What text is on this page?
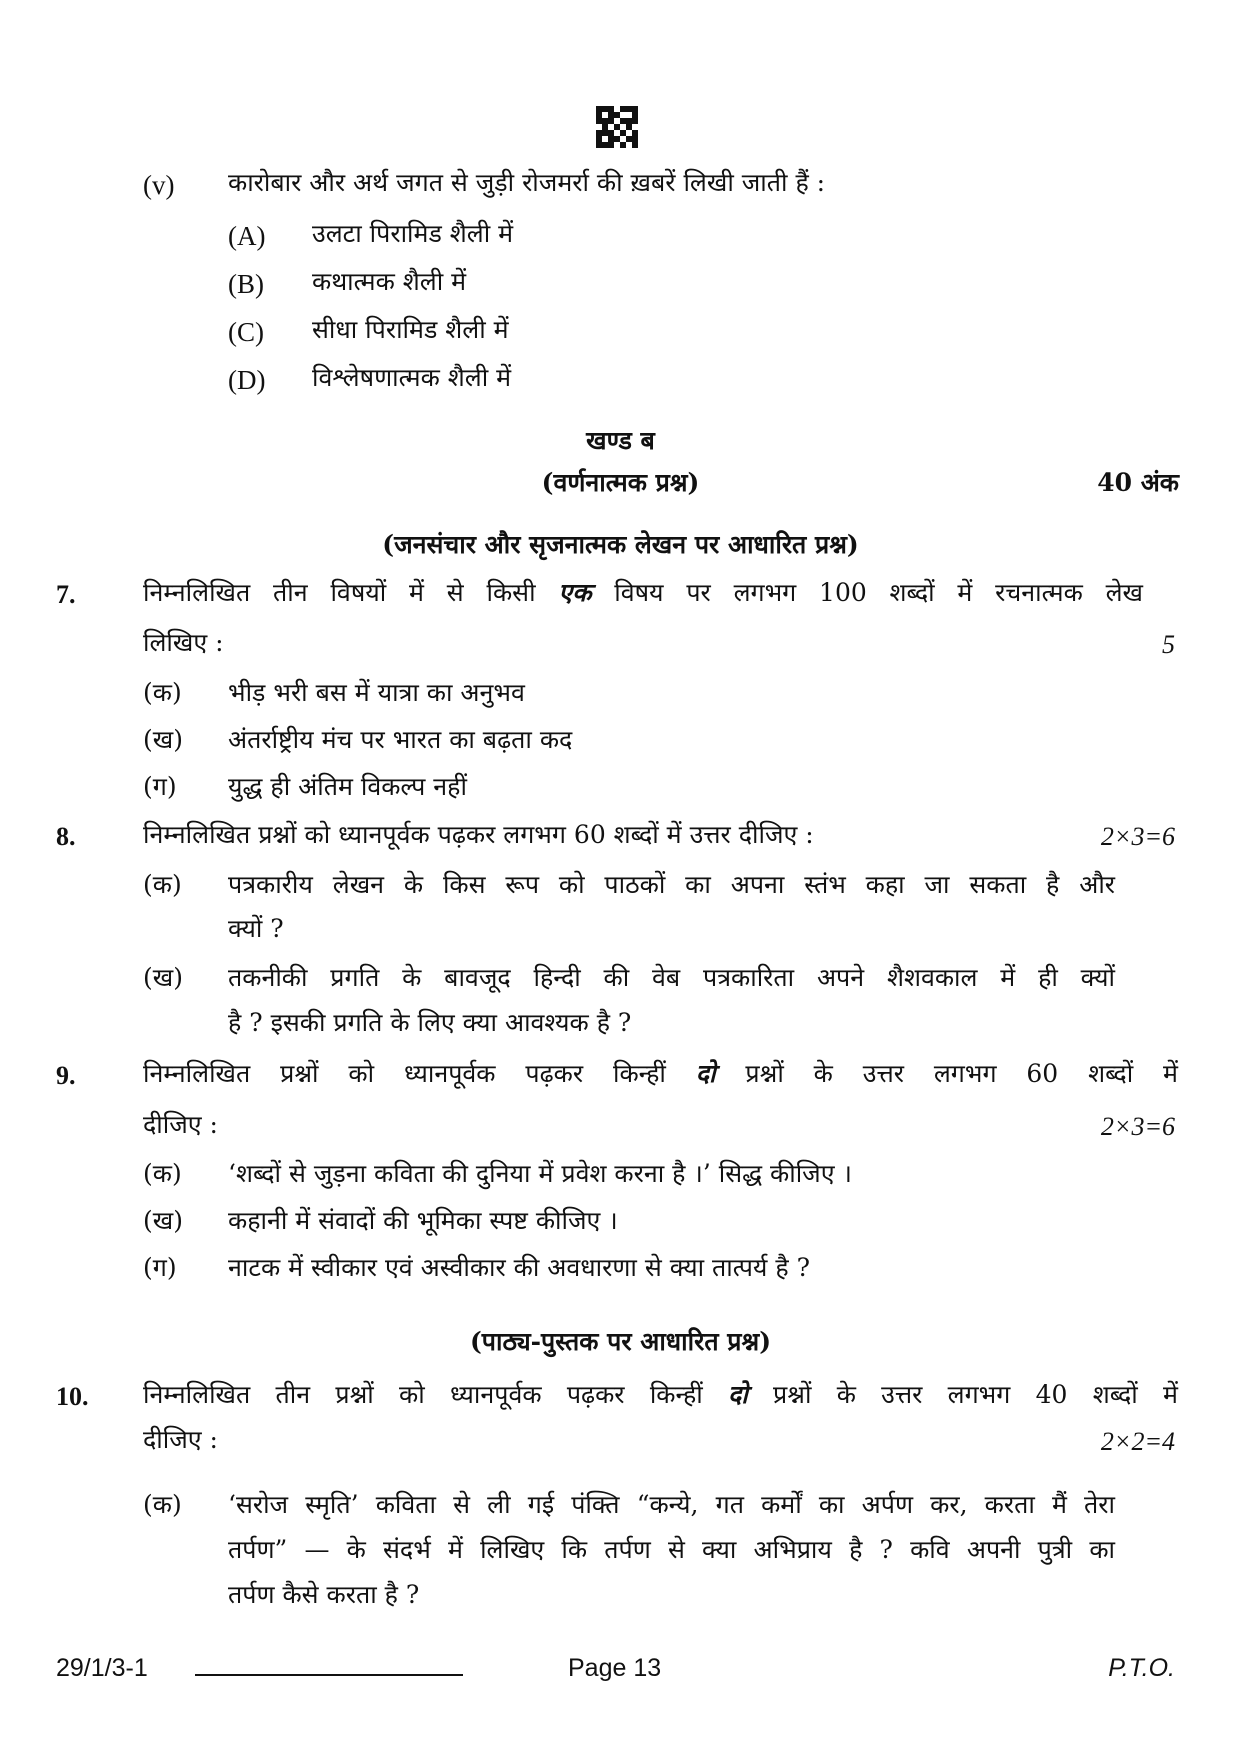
(v) कारोबार और अर्थ जगत से जुड़ी रोजमर्रा की ख़बरें लिखी जाती हैं :
(A) उलटा पिरामिड शैली में
(B) कथात्मक शैली में
(C) सीधा पिरामिड शैली में
(D) विश्लेषणात्मक शैली में
खण्ड ब
(वर्णनात्मक प्रश्न)	40 अंक
(जनसंचार और सृजनात्मक लेखन पर आधारित प्रश्न)
7.	निम्नलिखित तीन विषयों में से किसी एक विषय पर लगभग 100 शब्दों में रचनात्मक लेख
लिखिए :	5
(क) भीड़ भरी बस में यात्रा का अनुभव
(ख) अंतर्राष्ट्रीय मंच पर भारत का बढ़ता कद
(ग) युद्ध ही अंतिम विकल्प नहीं
8.	निम्नलिखित प्रश्नों को ध्यानपूर्वक पढ़कर लगभग 60 शब्दों में उत्तर दीजिए :	2×3=6
(क) पत्रकारीय लेखन के किस रूप को पाठकों का अपना स्तंभ कहा जा सकता है और
क्यों ?
(ख) तकनीकी प्रगति के बावजूद हिन्दी की वेब पत्रकारिता अपने शैशवकाल में ही क्यों
है ? इसकी प्रगति के लिए क्या आवश्यक है ?
9.	निम्नलिखित प्रश्नों को ध्यानपूर्वक पढ़कर किन्हीं दो प्रश्नों के उत्तर लगभग 60 शब्दों में
दीजिए :	2×3=6
(क) ‘शब्दों से जुड़ना कविता की दुनिया में प्रवेश करना है ।’ सिद्ध कीजिए ।
(ख) कहानी में संवादों की भूमिका स्पष्ट कीजिए ।
(ग) नाटक में स्वीकार एवं अस्वीकार की अवधारणा से क्या तात्पर्य है ?
(पाठ्य-पुस्तक पर आधारित प्रश्न)
10. निम्नलिखित तीन प्रश्नों को ध्यानपूर्वक पढ़कर किन्हीं दो प्रश्नों के उत्तर लगभग 40 शब्दों में
दीजिए :	2×2=4
(क) ‘सरोज स्मृति’ कविता से ली गई पंक्ति “कन्ये, गत कर्मों का अर्पण कर, करता मैं तेरा
तर्पण” — के संदर्भ में लिखिए कि तर्पण से क्या अभिप्राय है ? कवि अपनी पुत्री का
तर्पण कैसे करता है ?
29/1/3-1	Page 13	P.T.O.
